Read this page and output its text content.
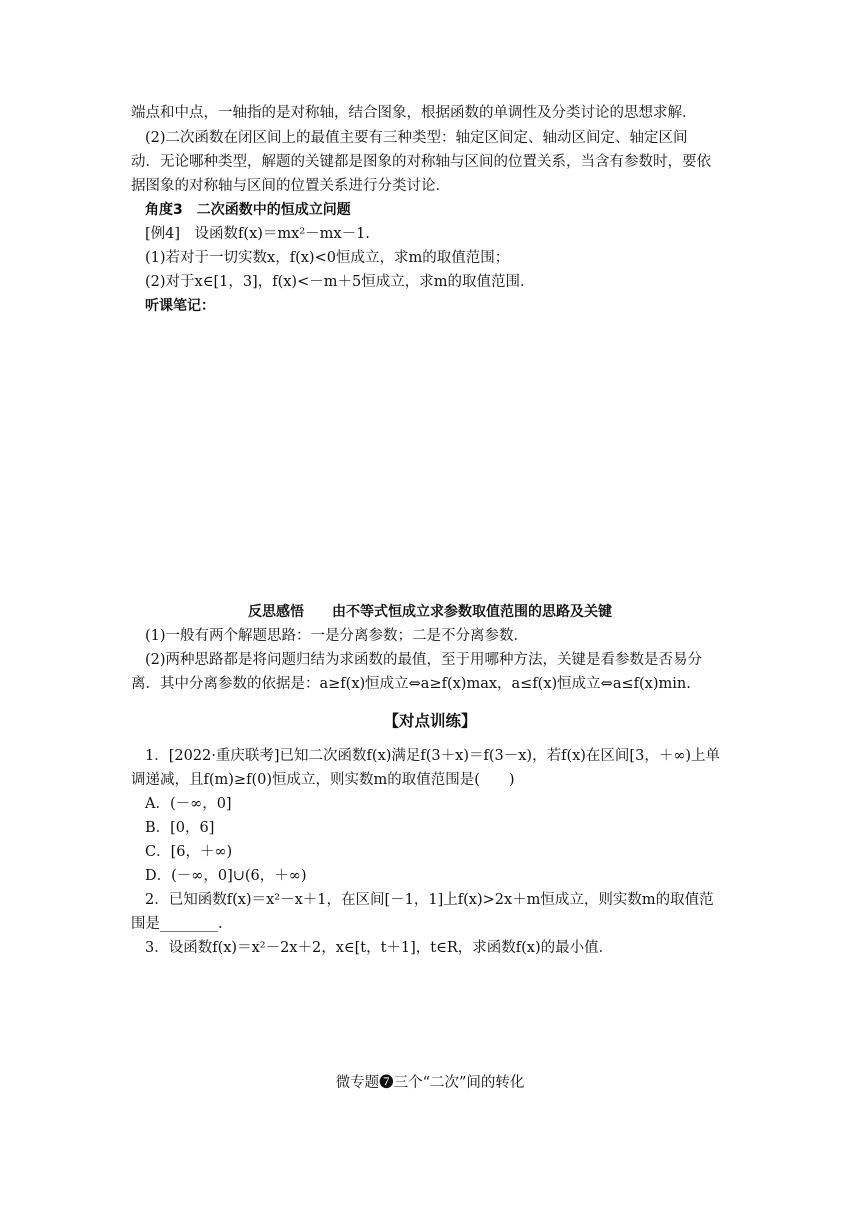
端点和中点，一轴指的是对称轴，结合图象，根据函数的单调性及分类讨论的思想求解．
(2)二次函数在闭区间上的最值主要有三种类型：轴定区间定、轴动区间定、轴定区间
动．无论哪种类型，解题的关键都是图象的对称轴与区间的位置关系，当含有参数时，要依
据图象的对称轴与区间的位置关系进行分类讨论．
角度3　二次函数中的恒成立问题
[例4]　设函数f(x)＝mx²－mx－1.
(1)若对于一切实数x，f(x)<0恒成立，求m的取值范围；
(2)对于x∈[1，3]，f(x)<－m＋5恒成立，求m的取值范围．
听课笔记：
反思感悟　　由不等式恒成立求参数取值范围的思路及关键
(1)一般有两个解题思路：一是分离参数；二是不分离参数．
(2)两种思路都是将问题归结为求函数的最值，至于用哪种方法，关键是看参数是否易分
离．其中分离参数的依据是：a≥f(x)恒成立⇔a≥f(x)max，a≤f(x)恒成立⇔a≤f(x)min.
【对点训练】
1．[2022·重庆联考]已知二次函数f(x)满足f(3＋x)＝f(3－x)，若f(x)在区间[3，＋∞)上单
调递减，且f(m)≥f(0)恒成立，则实数m的取值范围是(　　)
A．(－∞，0]
B．[0，6]
C．[6，＋∞)
D．(－∞，0]∪(6，＋∞)
2．已知函数f(x)＝x²－x＋1，在区间[－1，1]上f(x)>2x＋m恒成立，则实数m的取值范
围是________.
3．设函数f(x)＝x²－2x＋2，x∈[t，t＋1]，t∈R，求函数f(x)的最小值．
微专题❼三个“二次”间的转化
